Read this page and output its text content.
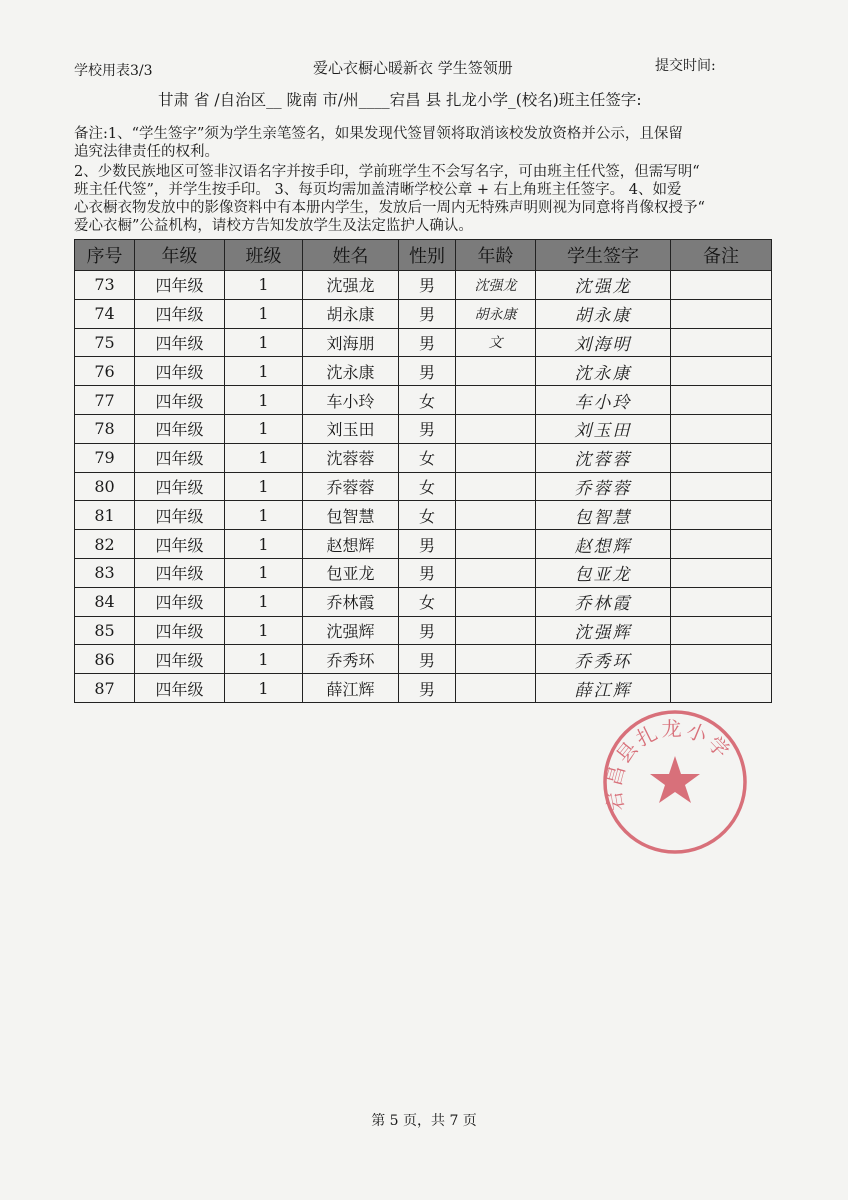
学校用表3/3	爱心衣橱心暖新衣 学生签领册	提交时间:
甘肃 省 /自治区__ 陇南 市/州____宕昌 县 扎龙小学_(校名)班主任签字:
备注:1、“学生签字”须为学生亲笔签名，如果发现代签冒领将取消该校发放资格并公示，且保留
追究法律责任的权利。
2、少数民族地区可签非汉语名字并按手印，学前班学生不会写名字，可由班主任代签，但需写明“
班主任代签”，并学生按手印。 3、每页均需加盖清晰学校公章 + 右上角班主任签字。 4、如爱
心衣橱衣物发放中的影像资料中有本册内学生，发放后一周内无特殊声明则视为同意将肖像权授予“
爱心衣橱”公益机构，请校方告知发放学生及法定监护人确认。
序号	年级	班级	姓名	性别	年龄	学生签字	备注
73	四年级	1	沈强龙	男	沈强龙	沈强龙	
74	四年级	1	胡永康	男	胡永康	胡永康	
75	四年级	1	刘海朋	男	文	刘海明	
76	四年级	1	沈永康	男		沈永康	
77	四年级	1	车小玲	女		车小玲	
78	四年级	1	刘玉田	男		刘玉田	
79	四年级	1	沈蓉蓉	女		沈蓉蓉	
80	四年级	1	乔蓉蓉	女		乔蓉蓉	
81	四年级	1	包智慧	女		包智慧	
82	四年级	1	赵想辉	男		赵想辉	
83	四年级	1	包亚龙	男		包亚龙	
84	四年级	1	乔林霞	女		乔林霞	
85	四年级	1	沈强辉	男		沈强辉	
86	四年级	1	乔秀环	男		乔秀环	
87	四年级	1	薛江辉	男		薛江辉	
宕昌县扎龙小学
第 5 页，共 7 页
